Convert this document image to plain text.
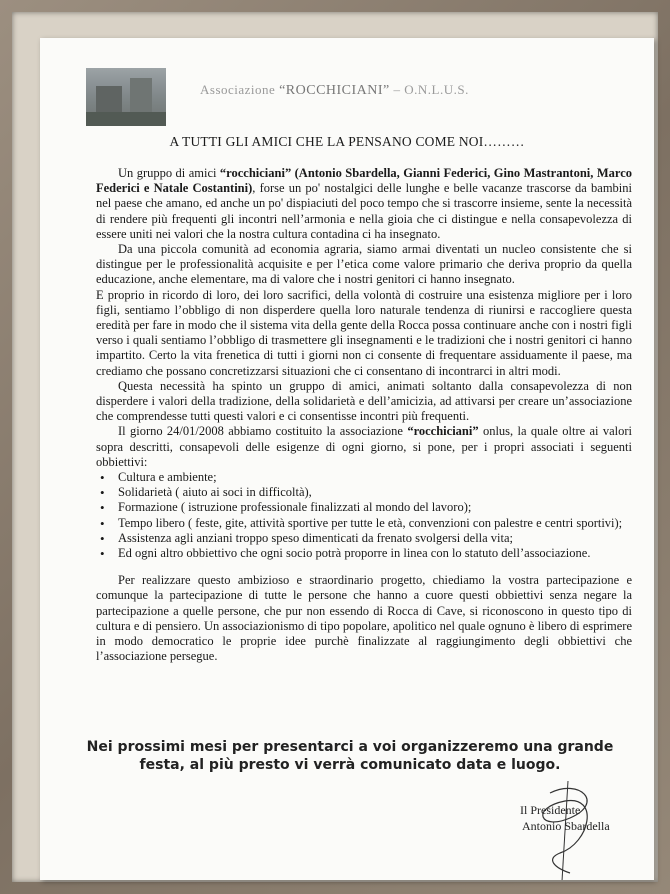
Associazione “ROCCHICIANI” – O.N.L.U.S.
A TUTTI GLI AMICI CHE LA PENSANO COME NOI………

Un gruppo di amici “rocchiciani” (Antonio Sbardella, Gianni Federici, Gino Mastrantoni, Marco Federici e Natale Costantini), forse un po' nostalgici delle lunghe e belle vacanze trascorse da bambini nel paese che amano, ed anche un po' dispiaciuti del poco tempo che si trascorre insieme, sente la necessità di rendere più frequenti gli incontri nell’armonia e nella gioia che ci distingue e nella consapevolezza di essere uniti nei valori che la nostra cultura contadina ci ha insegnato.

Da una piccola comunità ad economia agraria, siamo armai diventati un nucleo consistente che si distingue per le professionalità acquisite e per l’etica come valore primario che deriva proprio da quella educazione, anche elementare, ma di valore che i nostri genitori ci hanno insegnato.

E proprio in ricordo di loro, dei loro sacrifici, della volontà di costruire una esistenza migliore per i loro figli, sentiamo l’obbligo di non disperdere quella loro naturale tendenza di riunirsi e raccogliere questa eredità per fare in modo che il sistema vita della gente della Rocca possa continuare anche con i nostri figli verso i quali sentiamo l’obbligo di trasmettere gli insegnamenti e le tradizioni che i nostri genitori ci hanno impartito. Certo la vita frenetica di tutti i giorni non ci consente di frequentare assiduamente il paese, ma crediamo che possano concretizzarsi situazioni che ci consentano di incontrarci in altri modi.

Questa necessità ha spinto un gruppo di amici, animati soltanto dalla consapevolezza di non disperdere i valori della tradizione, della solidarietà e dell’amicizia, ad attivarsi per creare un’associazione che comprendesse tutti questi valori e ci consentisse incontri più frequenti.

Il giorno 24/01/2008 abbiamo costituito la associazione “rocchiciani” onlus, la quale oltre ai valori sopra descritti, consapevoli delle esigenze di ogni giorno, si pone, per i propri associati i seguenti obbiettivi:

• Cultura e ambiente;
• Solidarietà ( aiuto ai soci in difficoltà),
• Formazione ( istruzione professionale finalizzati al mondo del lavoro);
• Tempo libero ( feste, gite, attività sportive per tutte le età, convenzioni con palestre e centri sportivi);
• Assistenza agli anziani troppo speso dimenticati da frenato svolgersi della vita;
• Ed ogni altro obbiettivo che ogni socio potrà proporre in linea con lo statuto dell’associazione.

Per realizzare questo ambizioso e straordinario progetto, chiediamo la vostra partecipazione e comunque la partecipazione di tutte le persone che hanno a cuore questi obbiettivi senza negare la partecipazione a quelle persone, che pur non essendo di Rocca di Cave, si riconoscono in questo tipo di cultura e di pensiero. Un associazionismo di tipo popolare, apolitico nel quale ognuno è libero di esprimere in modo democratico le proprie idee purchè finalizzate al raggiungimento degli obbiettivi che l’associazione persegue.

Nei prossimi mesi per presentarci a voi organizzeremo una grande festa, al più presto vi verrà comunicato data e luogo.
Il Presidente
Antonio Sbardella
